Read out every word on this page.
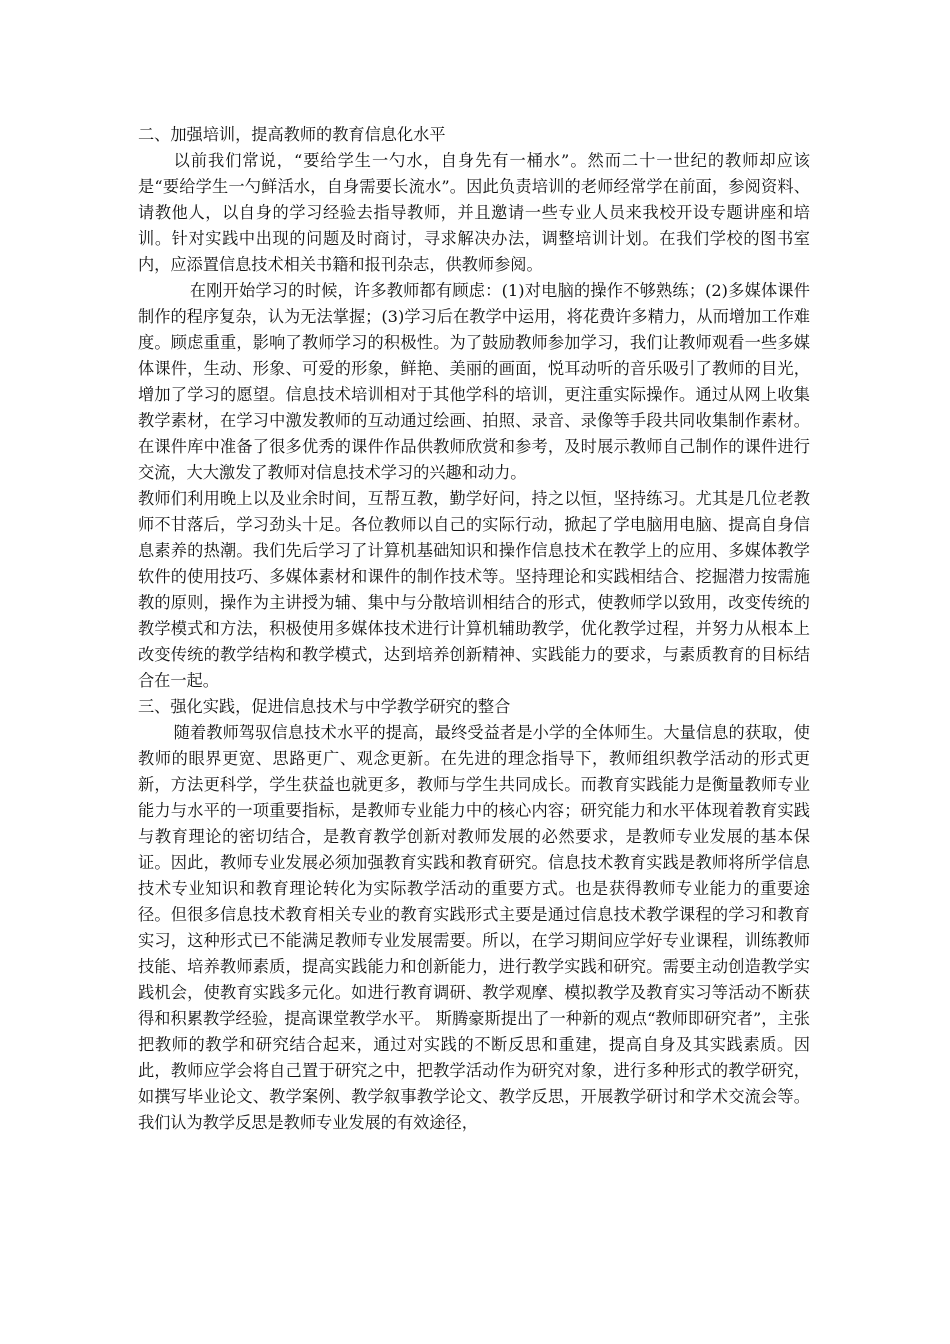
二、加强培训，提高教师的教育信息化水平

以前我们常说，“要给学生一勺水，自身先有一桶水”。然而二十一世纪的教师却应该是“要给学生一勺鲜活水，自身需要长流水”。因此负责培训的老师经常学在前面，参阅资料、请教他人，以自身的学习经验去指导教师，并且邀请一些专业人员来我校开设专题讲座和培训。针对实践中出现的问题及时商讨，寻求解决办法，调整培训计划。在我们学校的图书室内，应添置信息技术相关书籍和报刊杂志，供教师参阅。

在刚开始学习的时候，许多教师都有顾虑：(1)对电脑的操作不够熟练；(2)多媒体课件制作的程序复杂，认为无法掌握；(3)学习后在教学中运用，将花费许多精力，从而增加工作难度。顾虑重重，影响了教师学习的积极性。为了鼓励教师参加学习，我们让教师观看一些多媒体课件，生动、形象、可爱的形象，鲜艳、美丽的画面，悦耳动听的音乐吸引了教师的目光，增加了学习的愿望。信息技术培训相对于其他学科的培训，更注重实际操作。通过从网上收集教学素材，在学习中激发教师的互动通过绘画、拍照、录音、录像等手段共同收集制作素材。在课件库中准备了很多优秀的课件作品供教师欣赏和参考，及时展示教师自己制作的课件进行交流，大大激发了教师对信息技术学习的兴趣和动力。

教师们利用晚上以及业余时间，互帮互教，勤学好问，持之以恒，坚持练习。尤其是几位老教师不甘落后，学习劲头十足。各位教师以自己的实际行动，掀起了学电脑用电脑、提高自身信息素养的热潮。我们先后学习了计算机基础知识和操作信息技术在教学上的应用、多媒体教学软件的使用技巧、多媒体素材和课件的制作技术等。坚持理论和实践相结合、挖掘潜力按需施教的原则，操作为主讲授为辅、集中与分散培训相结合的形式，使教师学以致用，改变传统的教学模式和方法，积极使用多媒体技术进行计算机辅助教学，优化教学过程，并努力从根本上改变传统的教学结构和教学模式，达到培养创新精神、实践能力的要求，与素质教育的目标结合在一起。

三、强化实践，促进信息技术与中学教学研究的整合

随着教师驾驭信息技术水平的提高，最终受益者是小学的全体师生。大量信息的获取，使教师的眼界更宽、思路更广、观念更新。在先进的理念指导下，教师组织教学活动的形式更新，方法更科学，学生获益也就更多，教师与学生共同成长。而教育实践能力是衡量教师专业能力与水平的一项重要指标，是教师专业能力中的核心内容；研究能力和水平体现着教育实践与教育理论的密切结合，是教育教学创新对教师发展的必然要求，是教师专业发展的基本保证。因此，教师专业发展必须加强教育实践和教育研究。信息技术教育实践是教师将所学信息技术专业知识和教育理论转化为实际教学活动的重要方式。也是获得教师专业能力的重要途径。但很多信息技术教育相关专业的教育实践形式主要是通过信息技术教学课程的学习和教育实习，这种形式已不能满足教师专业发展需要。所以，在学习期间应学好专业课程，训练教师技能、培养教师素质，提高实践能力和创新能力，进行教学实践和研究。需要主动创造教学实践机会，使教育实践多元化。如进行教育调研、教学观摩、模拟教学及教育实习等活动不断获得和积累教学经验，提高课堂教学水平。 斯腾豪斯提出了一种新的观点“教师即研究者”，主张把教师的教学和研究结合起来，通过对实践的不断反思和重建，提高自身及其实践素质。因此，教师应学会将自己置于研究之中，把教学活动作为研究对象，进行多种形式的教学研究，如撰写毕业论文、教学案例、教学叙事教学论文、教学反思，开展教学研讨和学术交流会等。我们认为教学反思是教师专业发展的有效途径，
